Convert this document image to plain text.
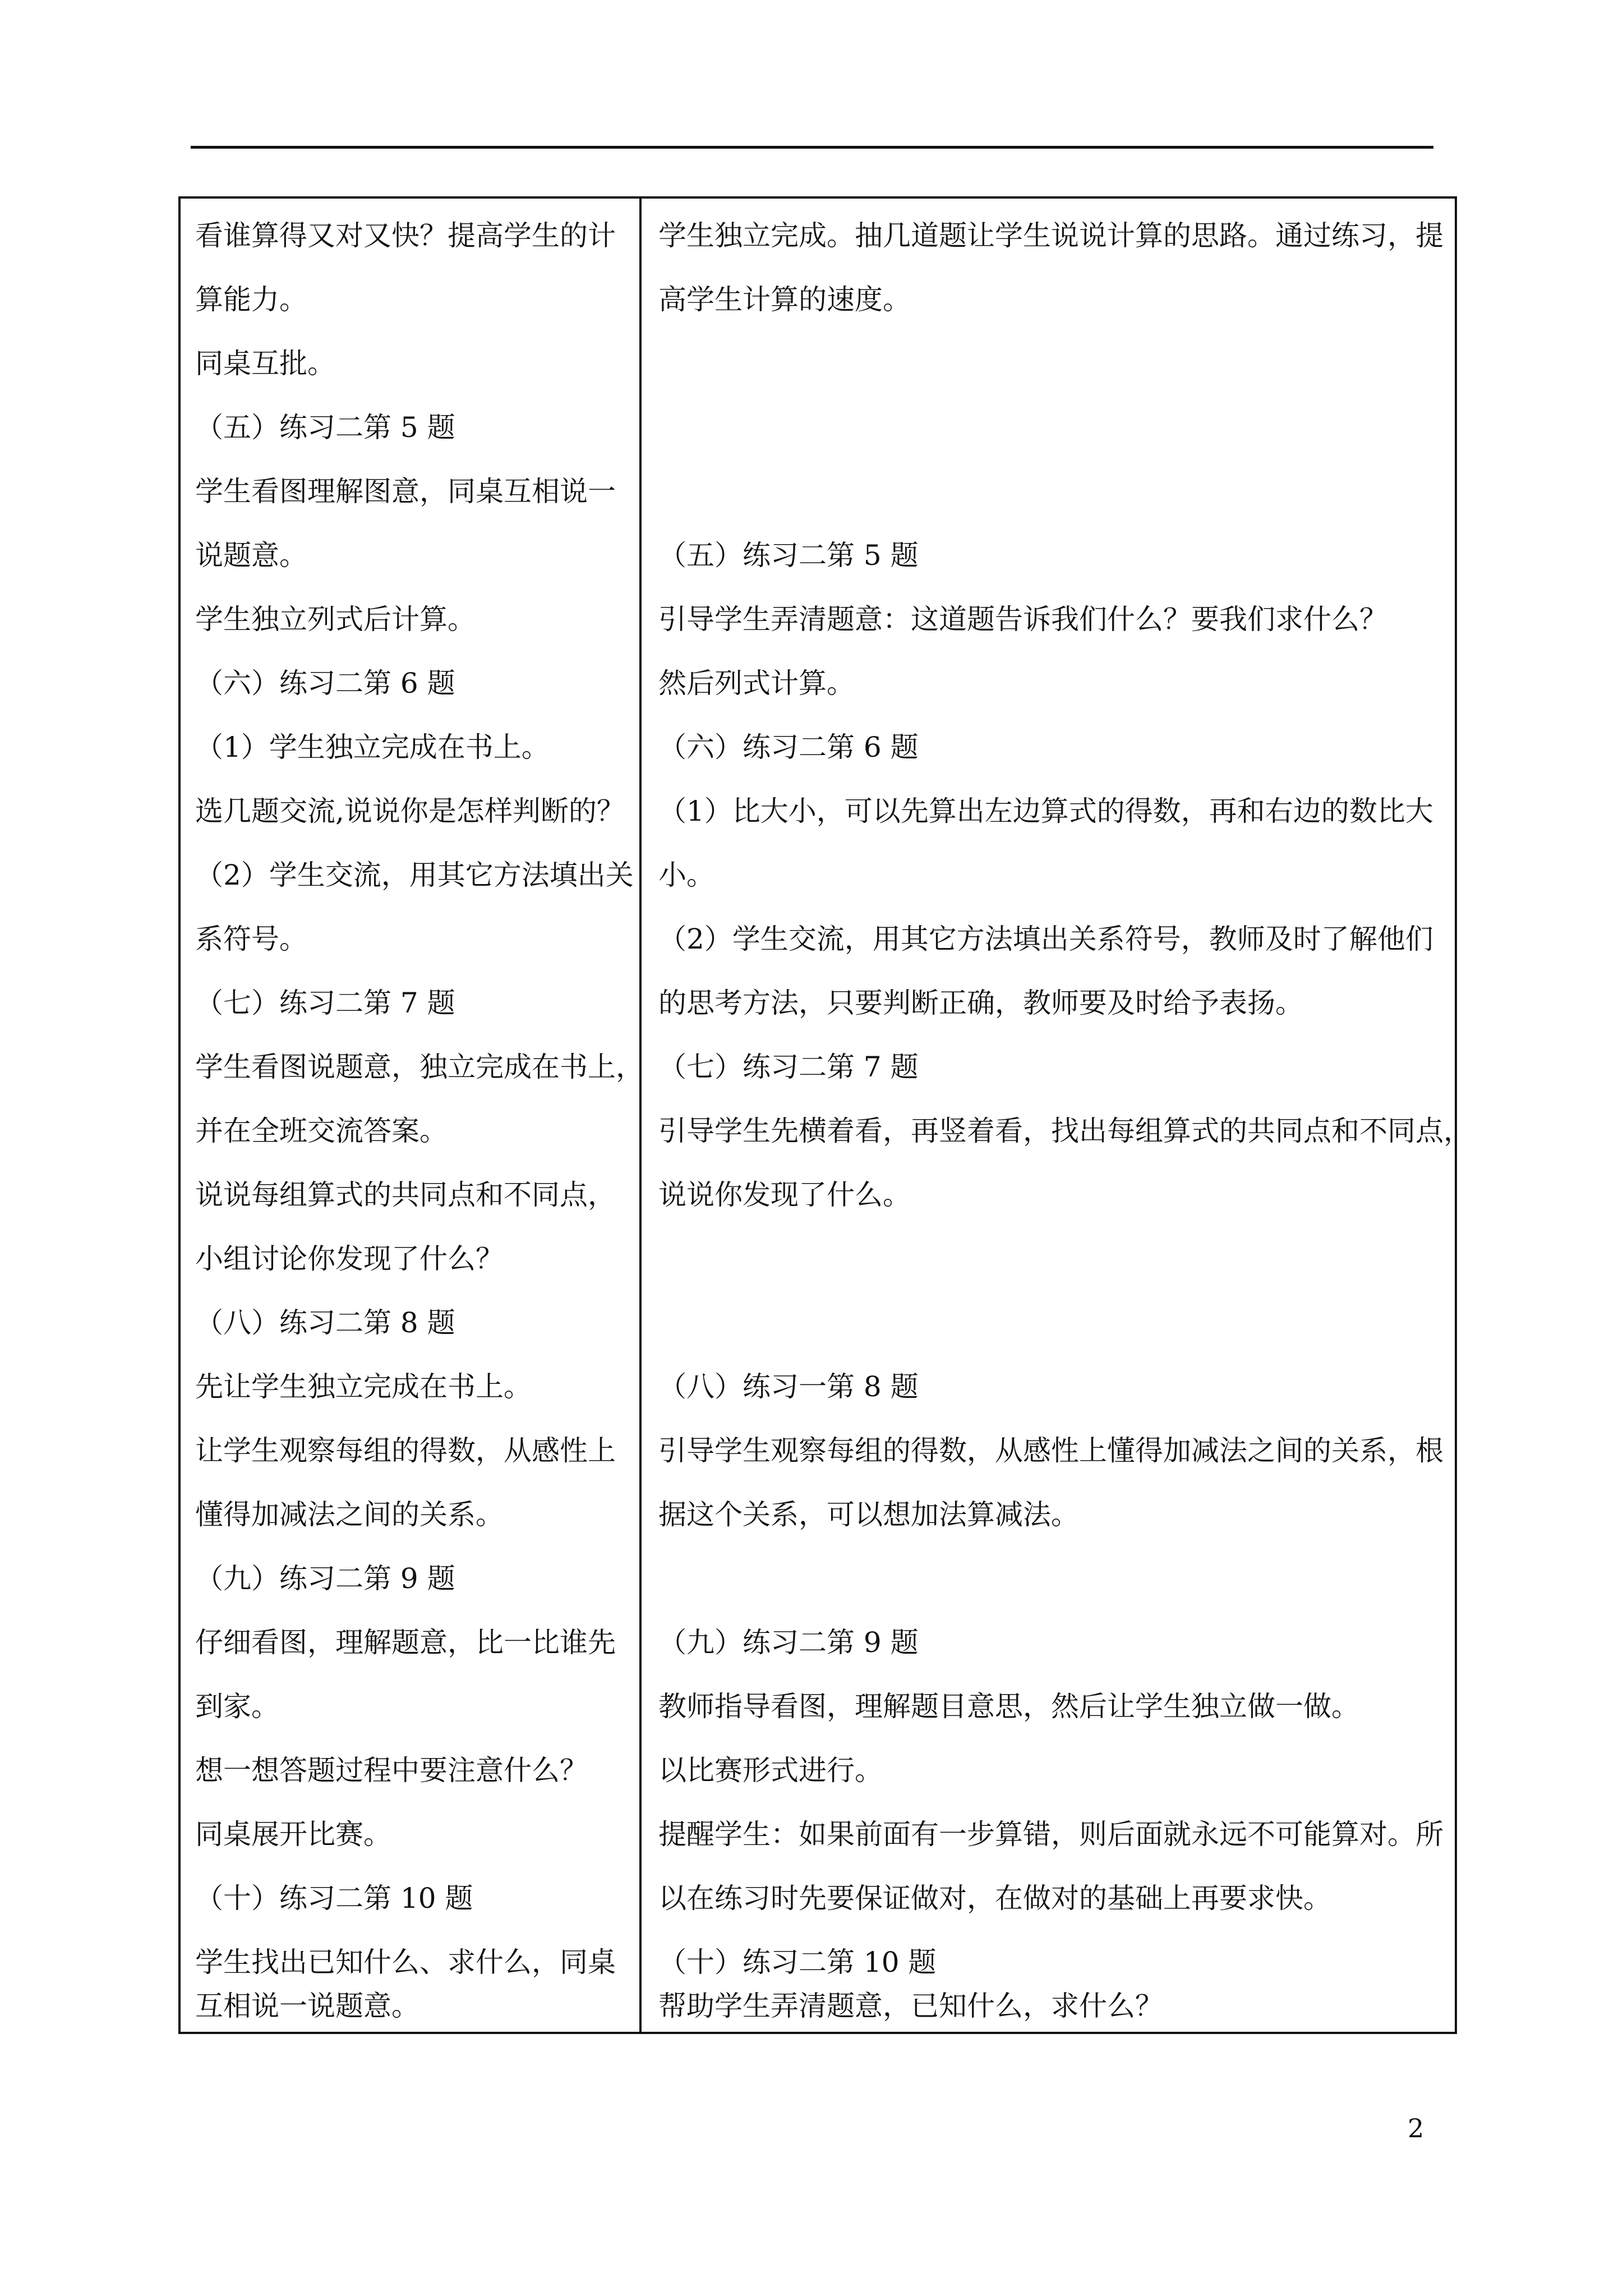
看谁算得又对又快？提高学生的计
算能力。
同桌互批。
（五）练习二第 5 题
学生看图理解图意，同桌互相说一
说题意。
学生独立列式后计算。
（六）练习二第 6 题
（1）学生独立完成在书上。
选几题交流,说说你是怎样判断的？
（2）学生交流，用其它方法填出关
系符号。
（七）练习二第 7 题
学生看图说题意，独立完成在书上，
并在全班交流答案。
说说每组算式的共同点和不同点，
小组讨论你发现了什么？
（八）练习二第 8 题
先让学生独立完成在书上。
让学生观察每组的得数，从感性上
懂得加减法之间的关系。
（九）练习二第 9 题
仔细看图，理解题意，比一比谁先
到家。
想一想答题过程中要注意什么？
同桌展开比赛。
（十）练习二第 10 题
学生找出已知什么、求什么，同桌
互相说一说题意。
学生独立完成。抽几道题让学生说说计算的思路。通过练习，提
高学生计算的速度。
（五）练习二第 5 题
引导学生弄清题意：这道题告诉我们什么？要我们求什么？
然后列式计算。
（六）练习二第 6 题
（1）比大小，可以先算出左边算式的得数，再和右边的数比大
小。
（2）学生交流，用其它方法填出关系符号，教师及时了解他们
的思考方法，只要判断正确，教师要及时给予表扬。
（七）练习二第 7 题
引导学生先横着看，再竖着看，找出每组算式的共同点和不同点，
说说你发现了什么。
（八）练习一第 8 题
引导学生观察每组的得数，从感性上懂得加减法之间的关系，根
据这个关系，可以想加法算减法。
（九）练习二第 9 题
教师指导看图，理解题目意思，然后让学生独立做一做。
以比赛形式进行。
提醒学生：如果前面有一步算错，则后面就永远不可能算对。所
以在练习时先要保证做对，在做对的基础上再要求快。
（十）练习二第 10 题
帮助学生弄清题意，已知什么，求什么？
2
